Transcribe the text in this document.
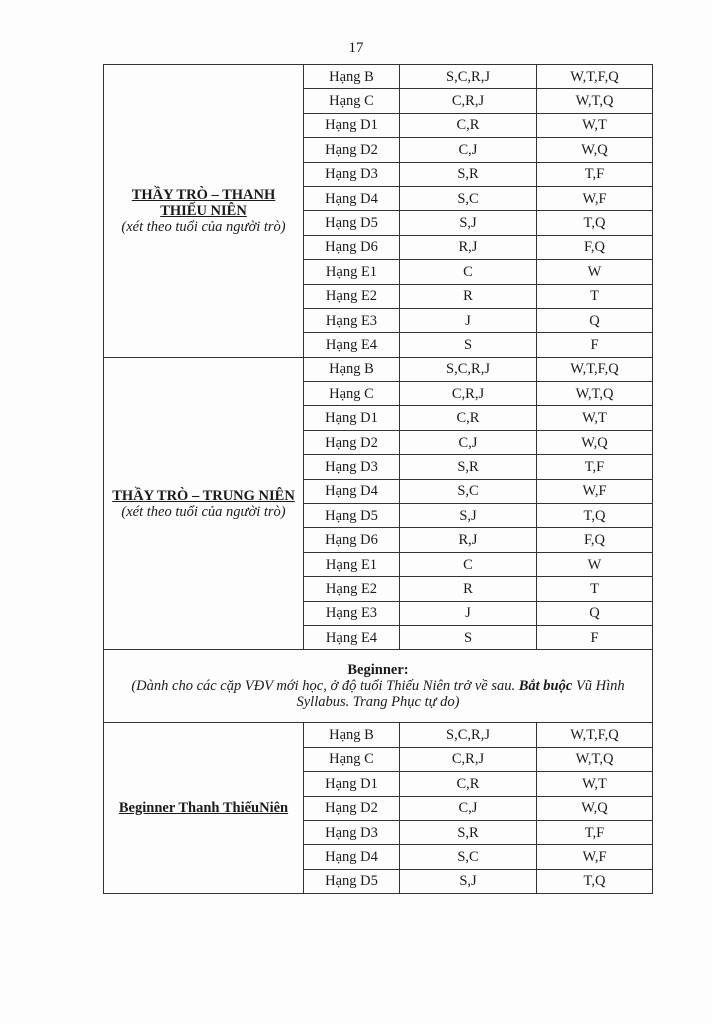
17
THẦY TRÒ – THANH THIẾU NIÊN
(xét theo tuổi của người trò)	Hạng B	S,C,R,J	W,T,F,Q
	Hạng C	C,R,J	W,T,Q
	Hạng D1	C,R	W,T
	Hạng D2	C,J	W,Q
	Hạng D3	S,R	T,F
	Hạng D4	S,C	W,F
	Hạng D5	S,J	T,Q
	Hạng D6	R,J	F,Q
	Hạng E1	C	W
	Hạng E2	R	T
	Hạng E3	J	Q
	Hạng E4	S	F

THẦY TRÒ – TRUNG NIÊN
(xét theo tuổi của người trò)	Hạng B	S,C,R,J	W,T,F,Q
	Hạng C	C,R,J	W,T,Q
	Hạng D1	C,R	W,T
	Hạng D2	C,J	W,Q
	Hạng D3	S,R	T,F
	Hạng D4	S,C	W,F
	Hạng D5	S,J	T,Q
	Hạng D6	R,J	F,Q
	Hạng E1	C	W
	Hạng E2	R	T
	Hạng E3	J	Q
	Hạng E4	S	F

Beginner:
(Dành cho các cặp VĐV mới học, ở độ tuổi Thiếu Niên trở về sau. Bắt buộc Vũ Hình Syllabus. Trang Phục tự do)			

Beginner Thanh ThiếuNiên	Hạng B	S,C,R,J	W,T,F,Q
	Hạng C	C,R,J	W,T,Q
	Hạng D1	C,R	W,T
	Hạng D2	C,J	W,Q
	Hạng D3	S,R	T,F
	Hạng D4	S,C	W,F
	Hạng D5	S,J	T,Q
